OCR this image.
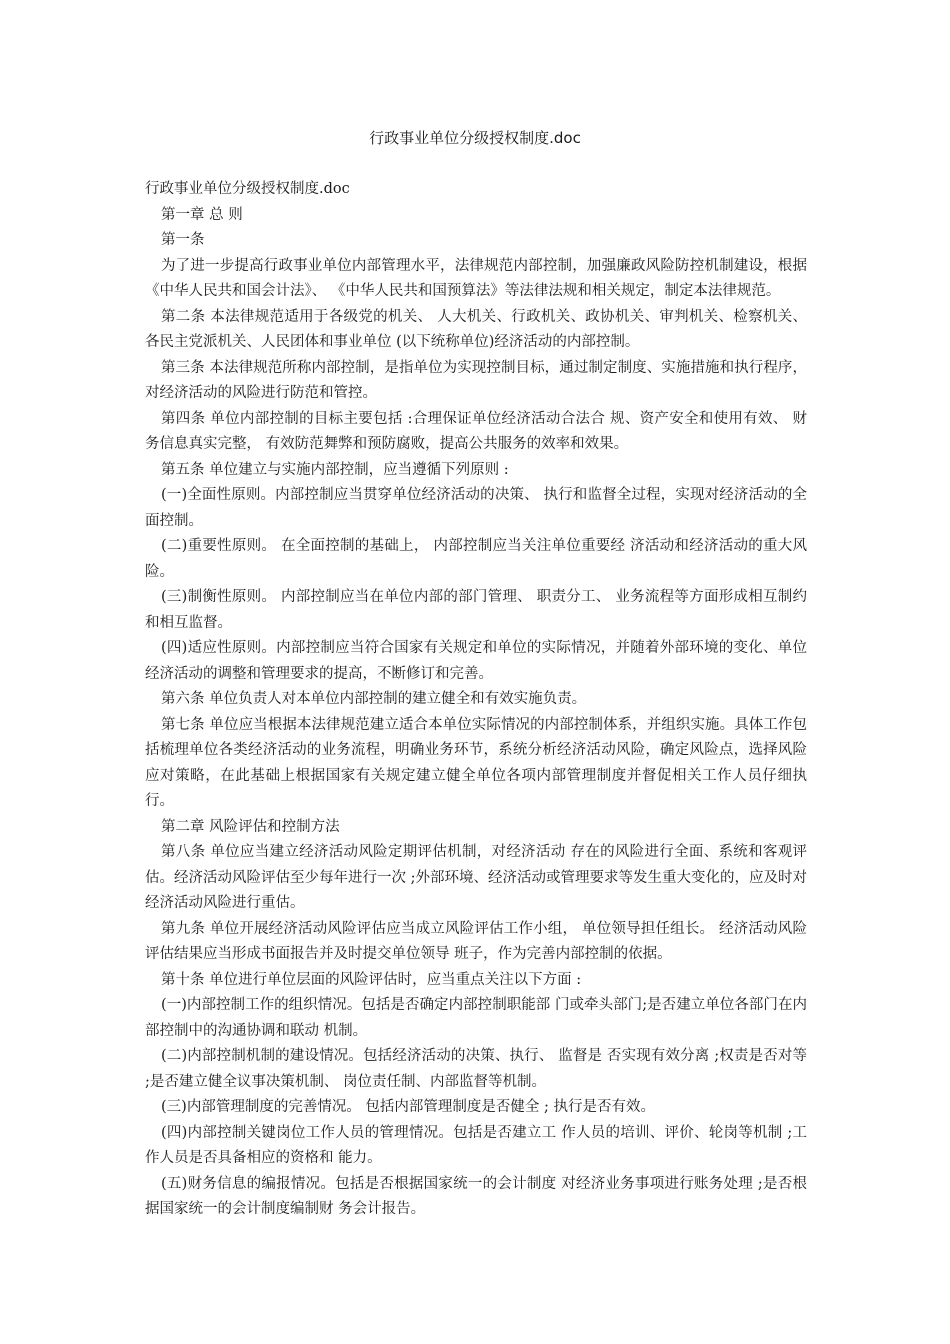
行政事业单位分级授权制度.doc

行政事业单位分级授权制度.doc

第一章 总 则

第一条

为了进一步提高行政事业单位内部管理水平，法律规范内部控制，加强廉政风险防控机制建设，根据《中华人民共和国会计法》、 《中华人民共和国预算法》等法律法规和相关规定，制定本法律规范。

第二条 本法律规范适用于各级党的机关、 人大机关、行政机关、政协机关、审判机关、检察机关、各民主党派机关、人民团体和事业单位 (以下统称单位)经济活动的内部控制。

第三条 本法律规范所称内部控制，是指单位为实现控制目标，通过制定制度、实施措施和执行程序，对经济活动的风险进行防范和管控。

第四条 单位内部控制的目标主要包括 :合理保证单位经济活动合法合 规、资产安全和使用有效、 财务信息真实完整， 有效防范舞弊和预防腐败，提高公共服务的效率和效果。

第五条 单位建立与实施内部控制，应当遵循下列原则 :

(一)全面性原则。内部控制应当贯穿单位经济活动的决策、 执行和监督全过程，实现对经济活动的全面控制。

(二)重要性原则。 在全面控制的基础上， 内部控制应当关注单位重要经 济活动和经济活动的重大风险。

(三)制衡性原则。 内部控制应当在单位内部的部门管理、 职责分工、 业务流程等方面形成相互制约和相互监督。

(四)适应性原则。内部控制应当符合国家有关规定和单位的实际情况，并随着外部环境的变化、单位经济活动的调整和管理要求的提高，不断修订和完善。

第六条 单位负责人对本单位内部控制的建立健全和有效实施负责。

第七条 单位应当根据本法律规范建立适合本单位实际情况的内部控制体系，并组织实施。具体工作包括梳理单位各类经济活动的业务流程，明确业务环节，系统分析经济活动风险，确定风险点，选择风险应对策略，在此基础上根据国家有关规定建立健全单位各项内部管理制度并督促相关工作人员仔细执行。

第二章 风险评估和控制方法

第八条 单位应当建立经济活动风险定期评估机制，对经济活动 存在的风险进行全面、系统和客观评估。经济活动风险评估至少每年进行一次 ;外部环境、经济活动或管理要求等发生重大变化的，应及时对经济活动风险进行重估。

第九条 单位开展经济活动风险评估应当成立风险评估工作小组， 单位领导担任组长。 经济活动风险评估结果应当形成书面报告并及时提交单位领导 班子，作为完善内部控制的依据。

第十条 单位进行单位层面的风险评估时，应当重点关注以下方面 :

(一)内部控制工作的组织情况。包括是否确定内部控制职能部 门或牵头部门;是否建立单位各部门在内部控制中的沟通协调和联动 机制。

(二)内部控制机制的建设情况。包括经济活动的决策、执行、 监督是 否实现有效分离 ;权责是否对等 ;是否建立健全议事决策机制、 岗位责任制、内部监督等机制。

(三)内部管理制度的完善情况。 包括内部管理制度是否健全 ; 执行是否有效。

(四)内部控制关键岗位工作人员的管理情况。包括是否建立工 作人员的培训、评价、轮岗等机制 ;工作人员是否具备相应的资格和 能力。

(五)财务信息的编报情况。包括是否根据国家统一的会计制度 对经济业务事项进行账务处理 ;是否根据国家统一的会计制度编制财 务会计报告。
